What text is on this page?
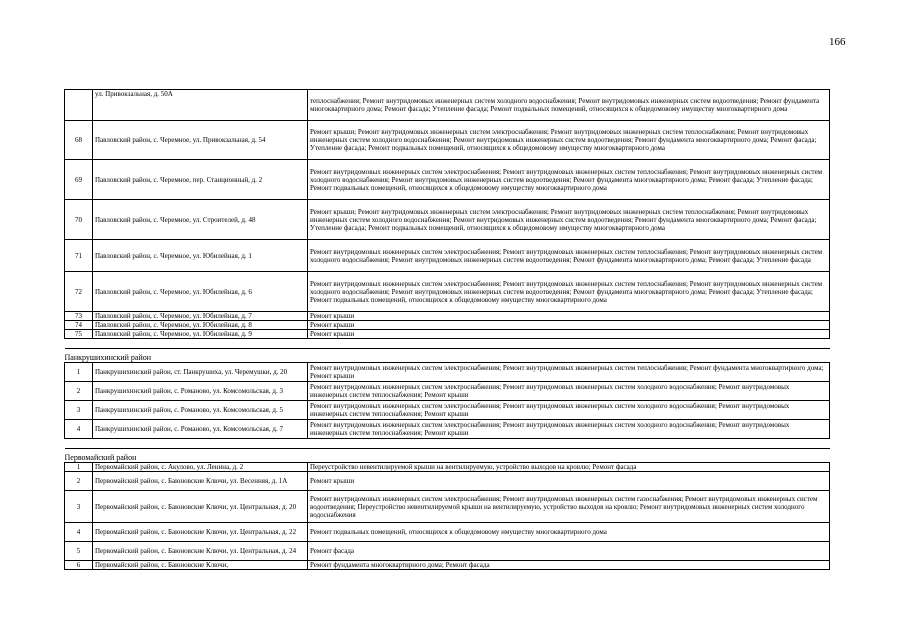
166
	ул. Привокзальная, д. 50А	теплоснабжения; Ремонт внутридомовых инженерных систем холодного водоснабжения; Ремонт внутридомовых инженерных систем водоотведения; Ремонт фундамента многоквартирного дома; Ремонт фасада; Утепление фасада; Ремонт подвальных помещений, относящихся к общедомовому имуществу многоквартирного дома
68	Павловский район, с. Черемное, ул. Привокзальная, д. 54	Ремонт крыши; Ремонт внутридомовых инженерных систем электроснабжения; Ремонт внутридомовых инженерных систем теплоснабжения; Ремонт внутридомовых инженерных систем холодного водоснабжения; Ремонт внутридомовых инженерных систем водоотведения; Ремонт фундамента многоквартирного дома; Ремонт фасада; Утепление фасада; Ремонт подвальных помещений, относящихся к общедомовому имуществу многоквартирного дома
69	Павловский район, с. Черемное, пер. Станционный, д. 2	Ремонт внутридомовых инженерных систем электроснабжения; Ремонт внутридомовых инженерных систем теплоснабжения; Ремонт внутридомовых инженерных систем холодного водоснабжения; Ремонт внутридомовых инженерных систем водоотведения; Ремонт фундамента многоквартирного дома; Ремонт фасада; Утепление фасада; Ремонт подвальных помещений, относящихся к общедомовому имуществу многоквартирного дома
70	Павловский район, с. Черемное, ул. Строителей, д. 48	Ремонт крыши; Ремонт внутридомовых инженерных систем электроснабжения; Ремонт внутридомовых инженерных систем теплоснабжения; Ремонт внутридомовых инженерных систем холодного водоснабжения; Ремонт внутридомовых инженерных систем водоотведения; Ремонт фундамента многоквартирного дома; Ремонт фасада; Утепление фасада; Ремонт подвальных помещений, относящихся к общедомовому имуществу многоквартирного дома
71	Павловский район, с. Черемное, ул. Юбилейная, д. 1	Ремонт внутридомовых инженерных систем электроснабжения; Ремонт внутридомовых инженерных систем теплоснабжения; Ремонт внутридомовых инженерных систем холодного водоснабжения; Ремонт внутридомовых инженерных систем водоотведения; Ремонт фундамента многоквартирного дома; Ремонт фасада; Утепление фасада
72	Павловский район, с. Черемное, ул. Юбилейная, д. 6	Ремонт внутридомовых инженерных систем электроснабжения; Ремонт внутридомовых инженерных систем теплоснабжения; Ремонт внутридомовых инженерных систем холодного водоснабжения; Ремонт внутридомовых инженерных систем водоотведения; Ремонт фундамента многоквартирного дома; Ремонт фасада; Утепление фасада; Ремонт подвальных помещений, относящихся к общедомовому имуществу многоквартирного дома
73	Павловский район, с. Черемное, ул. Юбилейная, д. 7	Ремонт крыши
74	Павловский район, с. Черемное, ул. Юбилейная, д. 8	Ремонт крыши
75	Павловский район, с. Черемное, ул. Юбилейная, д. 9	Ремонт крыши

Панкрушихинский район		
1	Панкрушихинский район, ст. Панкрушиха, ул. Черемушки, д. 20	Ремонт внутридомовых инженерных систем электроснабжения; Ремонт внутридомовых инженерных систем теплоснабжения; Ремонт фундамента многоквартирного дома; Ремонт крыши
2	Панкрушихинский район, с. Романово, ул. Комсомольская, д. 3	Ремонт внутридомовых инженерных систем электроснабжения; Ремонт внутридомовых инженерных систем холодного водоснабжения; Ремонт внутридомовых инженерных систем теплоснабжения; Ремонт крыши
3	Панкрушихинский район, с. Романово, ул. Комсомольская, д. 5	Ремонт внутридомовых инженерных систем электроснабжения; Ремонт внутридомовых инженерных систем холодного водоснабжения; Ремонт внутридомовых инженерных систем теплоснабжения; Ремонт крыши
4	Панкрушихинский район, с. Романово, ул. Комсомольская, д. 7	Ремонт внутридомовых инженерных систем электроснабжения; Ремонт внутридомовых инженерных систем холодного водоснабжения; Ремонт внутридомовых инженерных систем теплоснабжения; Ремонт крыши

Первомайский район		
1	Первомайский район, с. Акулово, ул. Ленина, д. 2	Переустройство невентилируемой крыши на вентилируемую, устройство выходов на кровлю; Ремонт фасада
2	Первомайский район, с. Баюновские Ключи, ул. Весенняя, д. 1А	Ремонт крыши
3	Первомайский район, с. Баюновские Ключи, ул. Центральная, д. 20	Ремонт внутридомовых инженерных систем электроснабжения; Ремонт внутридомовых инженерных систем газоснабжения; Ремонт внутридомовых инженерных систем водоотведения; Переустройство невентилируемой крыши на вентилируемую, устройство выходов на кровлю; Ремонт внутридомовых инженерных систем холодного водоснабжения
4	Первомайский район, с. Баюновские Ключи, ул. Центральная, д. 22	Ремонт подвальных помещений, относящихся к общедомовому имуществу многоквартирного дома
5	Первомайский район, с. Баюновские Ключи, ул. Центральная, д. 24	Ремонт фасада
6	Первомайский район, с. Баюновские Ключи,	Ремонт фундамента многоквартирного дома; Ремонт фасада
